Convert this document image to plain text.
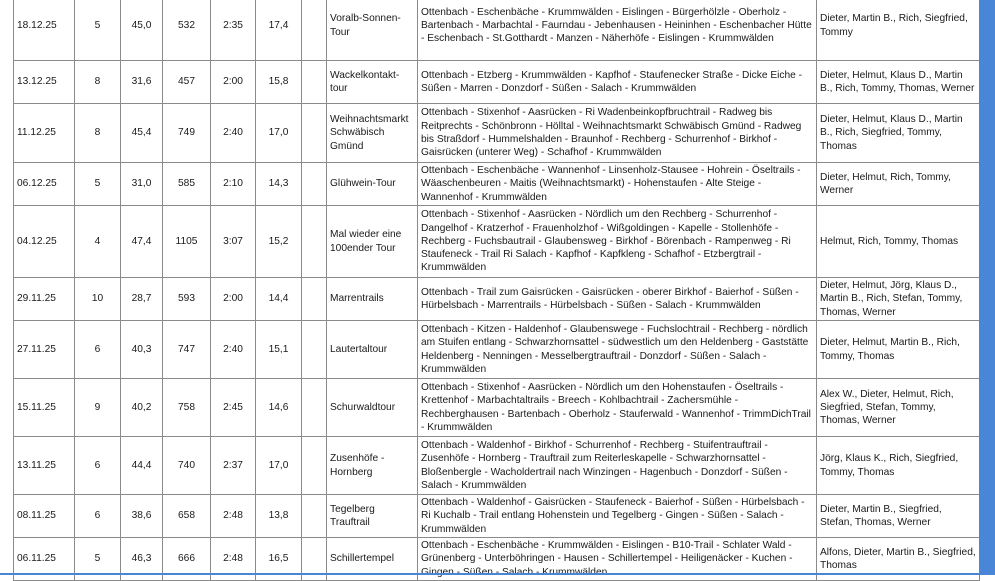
18.12.25	5	45,0	532	2:35	17,4		Voralb-Sonnen-Tour	Ottenbach - Eschenbäche - Krummwälden - Eislingen - Bürgerhölzle - Oberholz - Bartenbach - Marbachtal - Faurndau - Jebenhausen - Heininhen - Eschenbacher Hütte - Eschenbach - St.Gotthardt - Manzen - Näherhöfe - Eislingen - Krummwälden	Dieter, Martin B., Rich, Siegfried, Tommy
13.12.25	8	31,6	457	2:00	15,8		Wackelkontakt-tour	Ottenbach - Etzberg - Krummwälden - Kapfhof - Staufenecker Straße - Dicke Eiche - Süßen - Marren - Donzdorf - Süßen - Salach - Krummwälden	Dieter, Helmut, Klaus D., Martin B., Rich, Tommy, Thomas, Werner
11.12.25	8	45,4	749	2:40	17,0		Weihnachtsmarkt Schwäbisch Gmünd	Ottenbach - Stixenhof - Aasrücken - Ri Wadenbeinkopfbruchtrail - Radweg bis Reitprechts - Schönbronn - Hölltal - Weihnachtsmarkt Schwäbisch Gmünd - Radweg bis Straßdorf - Hummelshalden - Braunhof - Rechberg - Schurrenhof - Birkhof - Gaisrücken (unterer Weg) - Schafhof - Krummwälden	Dieter, Helmut, Klaus D., Martin B., Rich, Siegfried, Tommy, Thomas
06.12.25	5	31,0	585	2:10	14,3		Glühwein-Tour	Ottenbach - Eschenbäche - Wannenhof - Linsenholz-Stausee - Hohrein - Öseltrails - Wäaschenbeuren - Maitis (Weihnachtsmarkt) - Hohenstaufen - Alte Steige - Wannenhof - Krummwälden	Dieter, Helmut, Rich, Tommy, Werner
04.12.25	4	47,4	1105	3:07	15,2		Mal wieder eine 100ender Tour	Ottenbach - Stixenhof - Aasrücken - Nördlich um den Rechberg - Schurrenhof - Dangelhof - Kratzerhof - Frauenholzhof - Wißgoldingen - Kapelle - Stollenhöfe - Rechberg - Fuchsbautrail - Glaubensweg - Birkhof - Börenbach - Rampenweg - Ri Staufeneck - Trail Ri Salach - Kapfhof - Kapfkleng - Schafhof - Etzbergtrail - Krummwälden	Helmut, Rich, Tommy, Thomas
29.11.25	10	28,7	593	2:00	14,4		Marrentrails	Ottenbach - Trail zum Gaisrücken - Gaisrücken - oberer Birkhof - Baierhof - Süßen - Hürbelsbach - Marrentrails - Hürbelsbach - Süßen - Salach - Krummwälden	Dieter, Helmut, Jörg, Klaus D., Martin B., Rich, Stefan, Tommy, Thomas, Werner
27.11.25	6	40,3	747	2:40	15,1		Lautertaltour	Ottenbach - Kitzen - Haldenhof - Glaubenswege - Fuchslochtrail - Rechberg - nördlich am Stuifen entlang - Schwarzhornsattel - südwestlich um den Heldenberg - Gaststätte Heldenberg - Nenningen - Messelbergtrauftrail - Donzdorf - Süßen - Salach - Krummwälden	Dieter, Helmut, Martin B., Rich, Tommy, Thomas
15.11.25	9	40,2	758	2:45	14,6		Schurwaldtour	Ottenbach - Stixenhof - Aasrücken - Nördlich um den Hohenstaufen - Öseltrails - Krettenhof - Marbachtaltrails - Breech - Kohlbachtrail - Zachersmühle - Rechberghausen - Bartenbach - Oberholz - Stauferwald - Wannenhof - TrimmDichTrail - Krummwälden	Alex W., Dieter, Helmut, Rich, Siegfried, Stefan, Tommy, Thomas, Werner
13.11.25	6	44,4	740	2:37	17,0		Zusenhöfe - Hornberg	Ottenbach - Waldenhof - Birkhof - Schurrenhof - Rechberg - Stuifentrauftrail - Zusenhöfe - Hornberg - Trauftrail zum Reiterleskapelle - Schwarzhornsattel - Bloßenbergle - Wacholdertrail nach Winzingen - Hagenbuch - Donzdorf - Süßen - Salach - Krummwälden	Jörg, Klaus K., Rich, Siegfried, Tommy, Thomas
08.11.25	6	38,6	658	2:48	13,8		Tegelberg Trauftrail	Ottenbach - Waldenhof - Gaisrücken - Staufeneck - Baierhof - Süßen - Hürbelsbach - Ri Kuchalb - Trail entlang Hohenstein und Tegelberg - Gingen - Süßen - Salach - Krummwälden	Dieter, Martin B., Siegfried, Stefan, Thomas, Werner
06.11.25	5	46,3	666	2:48	16,5		Schillertempel	Ottenbach - Eschenbäche - Krummwälden - Eislingen - B10-Trail - Schlater Wald - Grünenberg - Unterböhringen - Hausen - Schillertempel - Heiligenäcker - Kuchen -	Alfons, Dieter, Martin B., Siegfried, Thomas
